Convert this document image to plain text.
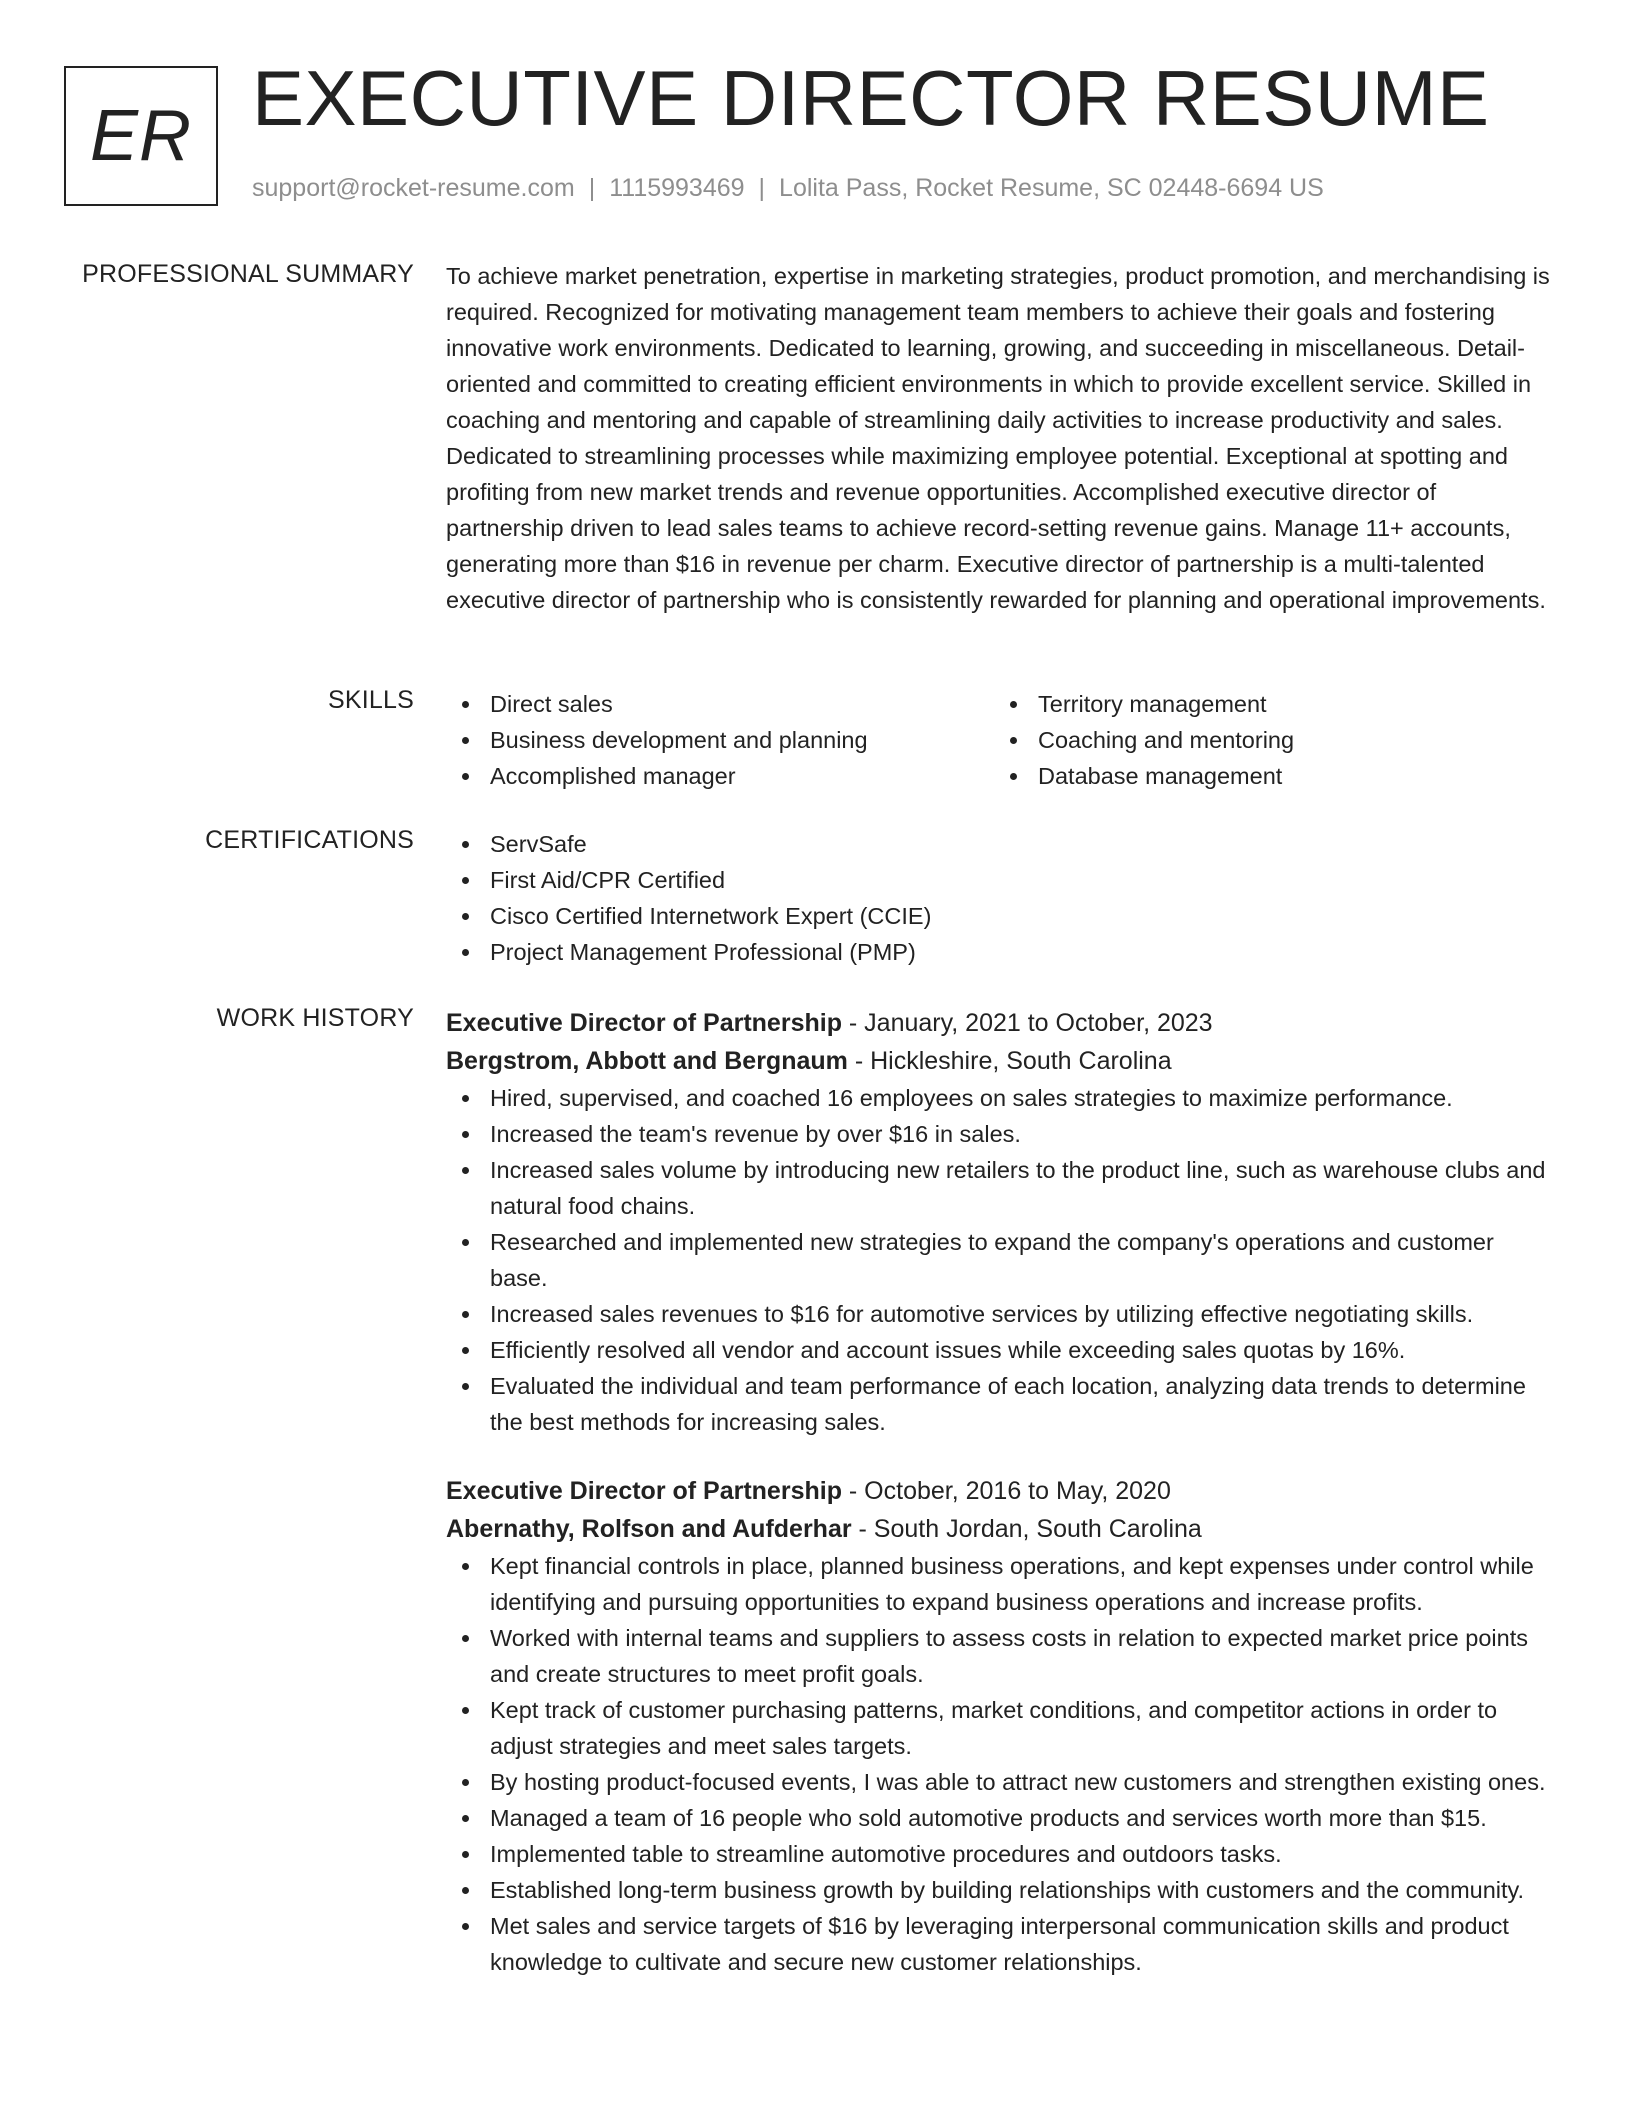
ER EXECUTIVE DIRECTOR RESUME
support@rocket-resume.com | 1115993469 | Lolita Pass, Rocket Resume, SC 02448-6694 US
PROFESSIONAL SUMMARY To achieve market penetration, expertise in marketing strategies, product promotion, and merchandising is required. Recognized for motivating management team members to achieve their goals and fostering innovative work environments. Dedicated to learning, growing, and succeeding in miscellaneous. Detail-oriented and committed to creating efficient environments in which to provide excellent service. Skilled in coaching and mentoring and capable of streamlining daily activities to increase productivity and sales. Dedicated to streamlining processes while maximizing employee potential. Exceptional at spotting and profiting from new market trends and revenue opportunities. Accomplished executive director of partnership driven to lead sales teams to achieve record-setting revenue gains. Manage 11+ accounts, generating more than $16 in revenue per charm. Executive director of partnership is a multi-talented executive director of partnership who is consistently rewarded for planning and operational improvements.
SKILLS	Direct sales
Business development and planning
Accomplished manager
Territory management
Coaching and mentoring
Database management
CERTIFICATIONS	ServSafe
First Aid/CPR Certified
Cisco Certified Internetwork Expert (CCIE)
Project Management Professional (PMP)
WORK HISTORY Executive Director of Partnership - January, 2021 to October, 2023
Bergstrom, Abbott and Bergnaum - Hickleshire, South Carolina
Hired, supervised, and coached 16 employees on sales strategies to maximize performance.
Increased the team's revenue by over $16 in sales.
Increased sales volume by introducing new retailers to the product line, such as warehouse clubs and natural food chains.
Researched and implemented new strategies to expand the company's operations and customer base.
Increased sales revenues to $16 for automotive services by utilizing effective negotiating skills.
Efficiently resolved all vendor and account issues while exceeding sales quotas by 16%.
Evaluated the individual and team performance of each location, analyzing data trends to determine the best methods for increasing sales.
Executive Director of Partnership - October, 2016 to May, 2020
Abernathy, Rolfson and Aufderhar - South Jordan, South Carolina
Kept financial controls in place, planned business operations, and kept expenses under control while identifying and pursuing opportunities to expand business operations and increase profits.
Worked with internal teams and suppliers to assess costs in relation to expected market price points and create structures to meet profit goals.
Kept track of customer purchasing patterns, market conditions, and competitor actions in order to adjust strategies and meet sales targets.
By hosting product-focused events, I was able to attract new customers and strengthen existing ones.
Managed a team of 16 people who sold automotive products and services worth more than $15.
Implemented table to streamline automotive procedures and outdoors tasks.
Established long-term business growth by building relationships with customers and the community.
Met sales and service targets of $16 by leveraging interpersonal communication skills and product knowledge to cultivate and secure new customer relationships.
